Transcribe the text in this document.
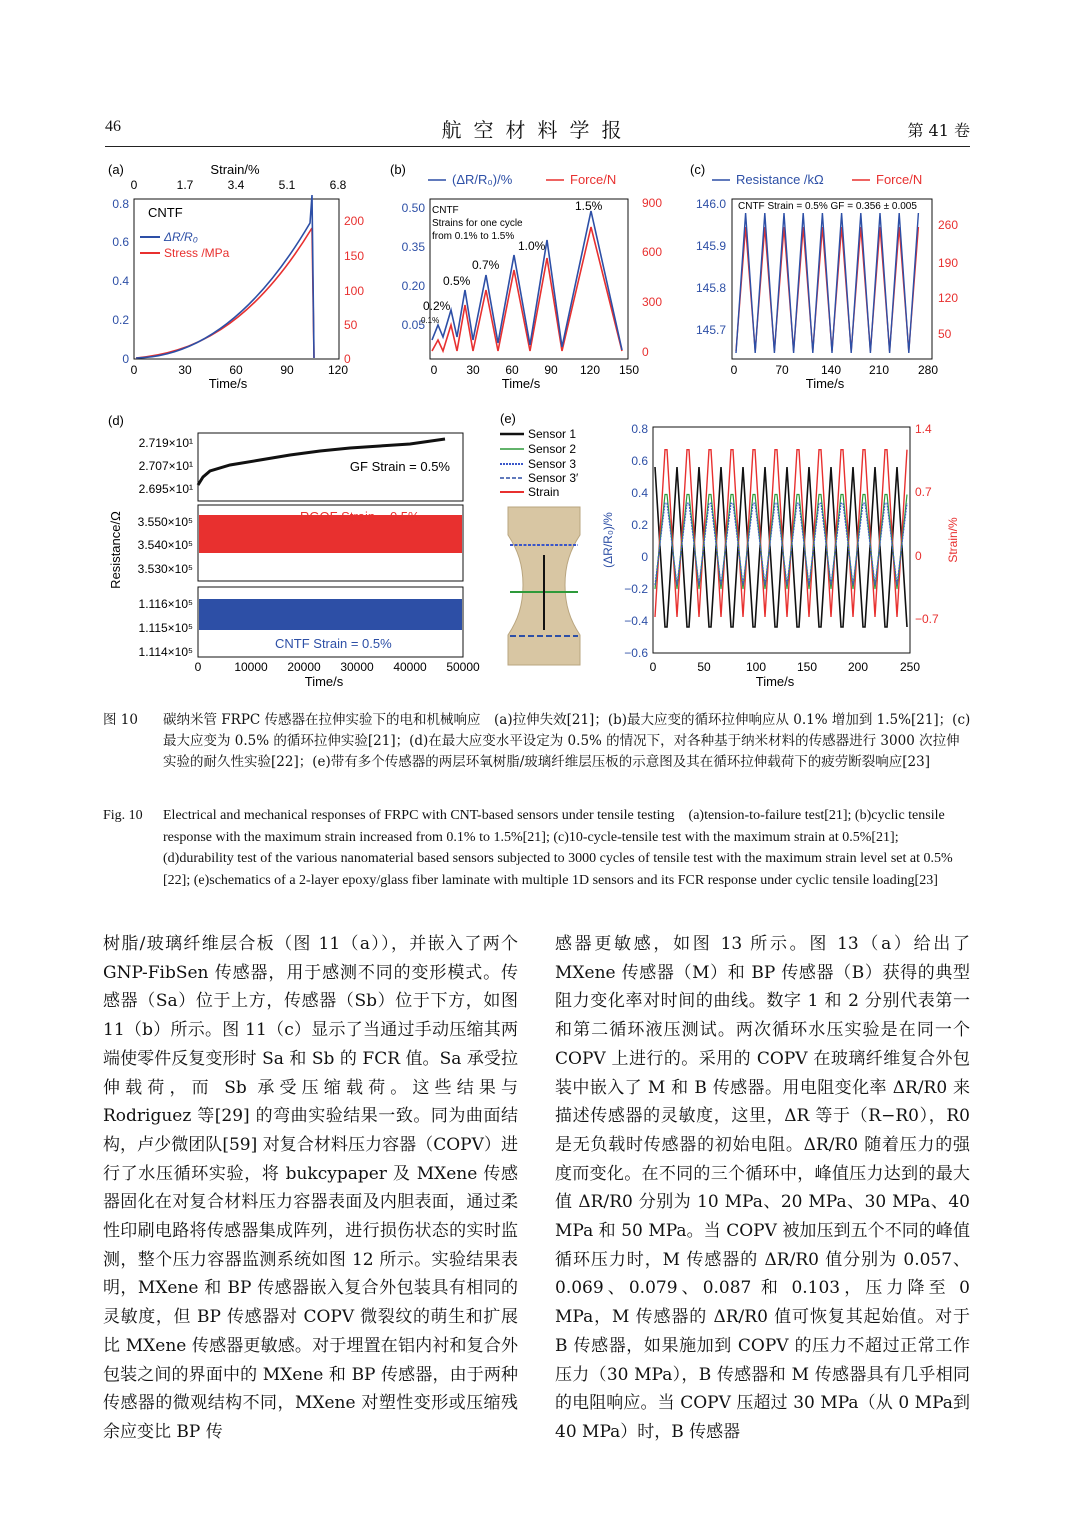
46	航空材料学报	第 41 卷
(a)	Strain/%
0	1.7	3.4	5.1	6.8
0.8
0.6
0.4
0.2
0
200
150
100
50
0
0	30	60	90	120
Time/s
CNTF
ΔR/R₀
Stress /MPa
(b)
(ΔR/R₀)/%	Force/N
0.50
0.35
0.20
0.05
900
600
300
0
0 30 60 90 120 150
Time/s
CNTF
Strains for one cycle
from 0.1% to 1.5%
0.1%
0.2%
0.5%
0.7%
1.0%
1.5%
(c)
Resistance /kΩ	Force/N
CNTF Strain = 0.5% GF = 0.356 ± 0.005
146.0
145.9
145.8
145.7
260
190
120
50
0	70	140 210 280
Time/s
(d)
Resistance/Ω
2.719×10¹
2.707×10¹
2.695×10¹
3.550×10⁵
3.540×10⁵
3.530×10⁵
1.116×10⁵
1.115×10⁵
1.114×10⁵
GF Strain = 0.5%
RGOF Strain = 0.5%
CNTF Strain = 0.5%
0	10000 20000 30000 40000 50000
Time/s
(e)
Sensor 1
Sensor 2
Sensor 3
Sensor 3′
Strain
0.8
0.6
0.4
0.2
0
−0.2
−0.4
−0.6
1.4
0.7
0
−0.7
(ΔR/R₀)/%	Strain/%
0	50	100	150	200	250
Time/s
图 10 碳纳米管 FRPC 传感器在拉伸实验下的电和机械响应　(a)拉伸失效[21]；(b)最大应变的循环拉伸响应从 0.1% 增加到 1.5%[21]；(c)最大应变为 0.5% 的循环拉伸实验[21]；(d)在最大应变水平设定为 0.5% 的情况下，对各种基于纳米材料的传感器进行 3000 次拉伸实验的耐久性实验[22]；(e)带有多个传感器的两层环氧树脂/玻璃纤维层压板的示意图及其在循环拉伸载荷下的疲劳断裂响应[23]
Fig. 10 Electrical and mechanical responses of FRPC with CNT-based sensors under tensile testing　(a)tension-to-failure test[21]; (b)cyclic tensile response with the maximum strain increased from 0.1% to 1.5%[21]; (c)10-cycle-tensile test with the maximum strain at 0.5%[21]; (d)durability test of the various nanomaterial based sensors subjected to 3000 cycles of tensile test with the maximum strain level set at 0.5%[22]; (e)schematics of a 2-layer epoxy/glass fiber laminate with multiple 1D sensors and its FCR response under cyclic tensile loading[23]

树脂/玻璃纤维层合板（图 11（a）），并嵌入了两个 GNP-FibSen 传感器，用于感测不同的变形模式。传感器（Sa）位于上方，传感器（Sb）位于下方，如图 11（b）所示。图 11（c）显示了当通过手动压缩其两端使零件反复变形时 Sa 和 Sb 的 FCR 值。Sa 承受拉伸载荷，而 Sb 承受压缩载荷。这些结果与 Rodriguez 等[29] 的弯曲实验结果一致。同为曲面结构，卢少微团队[59] 对复合材料压力容器（COPV）进行了水压循环实验，将 bukcypaper 及 MXene 传感器固化在对复合材料压力容器表面及内胆表面，通过柔性印刷电路将传感器集成阵列，进行损伤状态的实时监测，整个压力容器监测系统如图 12 所示。实验结果表明，MXene 和 BP 传感器嵌入复合外包装具有相同的灵敏度，但 BP 传感器对 COPV 微裂纹的萌生和扩展比 MXene 传感器更敏感。对于埋置在铝内衬和复合外包装之间的界面中的 MXene 和 BP 传感器，由于两种传感器的微观结构不同，MXene 对塑性变形或压缩残余应变比 BP 传

感器更敏感，如图 13 所示。图 13（a）给出了 MXene 传感器（M）和 BP 传感器（B）获得的典型阻力变化率对时间的曲线。数字 1 和 2 分别代表第一和第二循环液压测试。两次循环水压实验是在同一个 COPV 上进行的。采用的 COPV 在玻璃纤维复合外包装中嵌入了 M 和 B 传感器。用电阻变化率 ΔR/R0 来描述传感器的灵敏度，这里，ΔR 等于（R−R0），R0 是无负载时传感器的初始电阻。ΔR/R0 随着压力的强度而变化。在不同的三个循环中，峰值压力达到的最大值 ΔR/R0 分别为 10 MPa、20 MPa、30 MPa、40 MPa 和 50 MPa。当 COPV 被加压到五个不同的峰值循环压力时，M 传感器的 ΔR/R0 值分别为 0.057、0.069、0.079、0.087 和 0.103，压力降至 0 MPa，M 传感器的 ΔR/R0 值可恢复其起始值。对于 B 传感器，如果施加到 COPV 的压力不超过正常工作压力（30 MPa），B 传感器和 M 传感器具有几乎相同的电阻响应。当 COPV 压超过 30 MPa（从 0 MPa到 40 MPa）时，B 传感器
